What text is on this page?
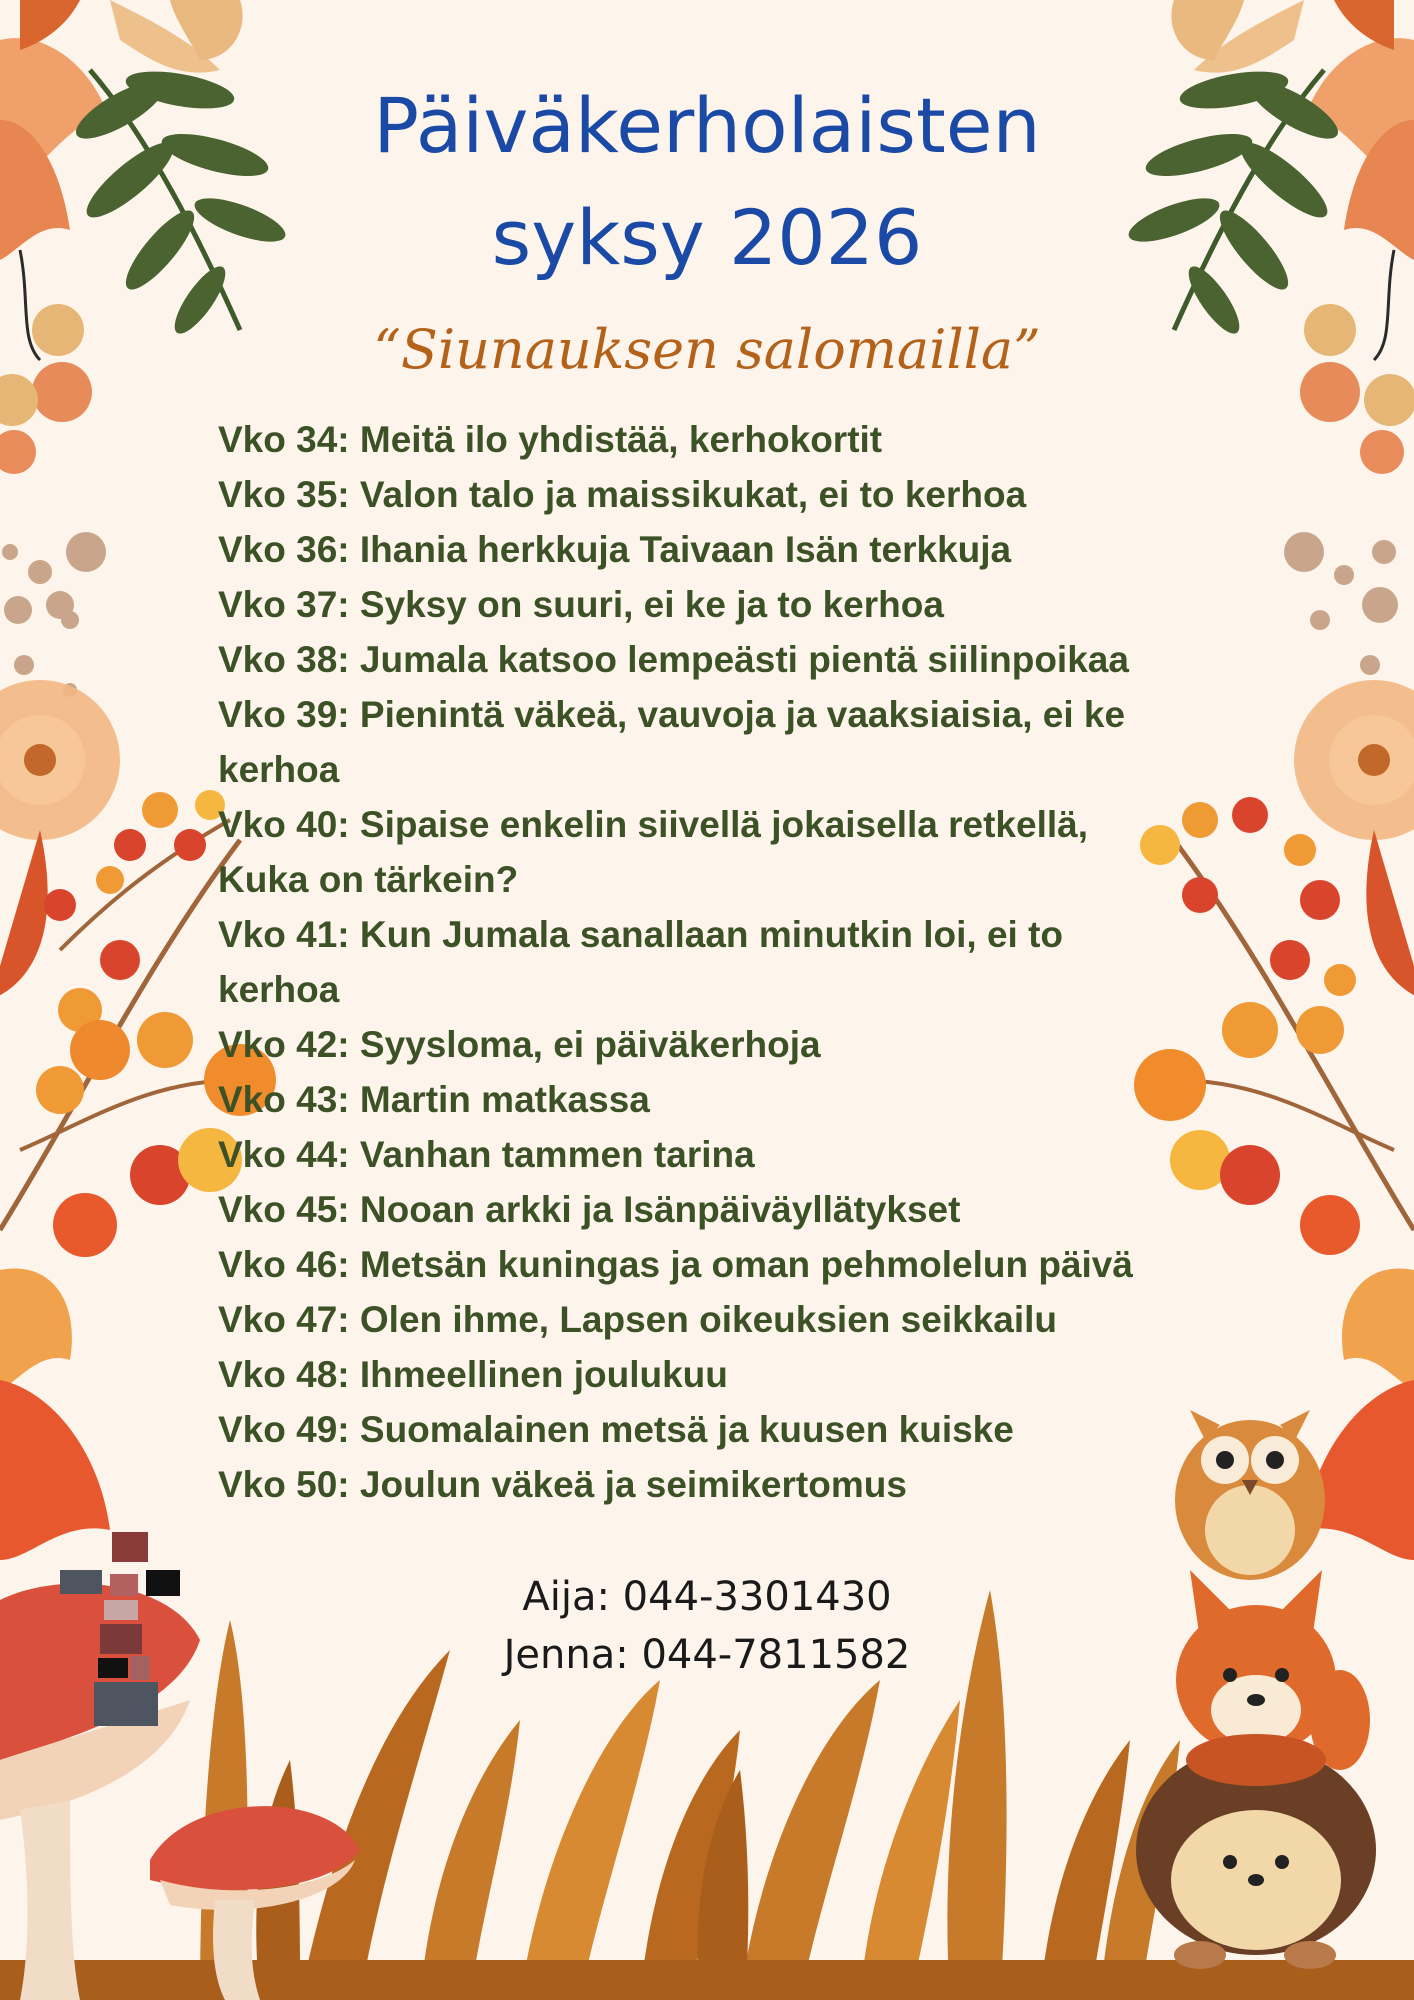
Päiväkerholaisten
syksy 2026
“Siunauksen salomailla”
Vko 34: Meitä ilo yhdistää, kerhokortit
Vko 35: Valon talo ja maissikukat, ei to kerhoa
Vko 36: Ihania herkkuja Taivaan Isän terkkuja
Vko 37: Syksy on suuri, ei ke ja to kerhoa
Vko 38: Jumala katsoo lempeästi pientä siilinpoikaa
Vko 39: Pienintä väkeä, vauvoja ja vaaksiaisia, ei ke kerhoa
Vko 40: Sipaise enkelin siivellä jokaisella retkellä, Kuka on tärkein?
Vko 41: Kun Jumala sanallaan minutkin loi, ei to kerhoa
Vko 42: Syysloma, ei päiväkerhoja
Vko 43: Martin matkassa
Vko 44: Vanhan tammen tarina
Vko 45: Nooan arkki ja Isänpäiväyllätykset
Vko 46: Metsän kuningas ja oman pehmolelun päivä
Vko 47: Olen ihme, Lapsen oikeuksien seikkailu
Vko 48: Ihmeellinen joulukuu
Vko 49: Suomalainen metsä ja kuusen kuiske
Vko 50: Joulun väkeä ja seimikertomus
Aija: 044-3301430
Jenna: 044-7811582
